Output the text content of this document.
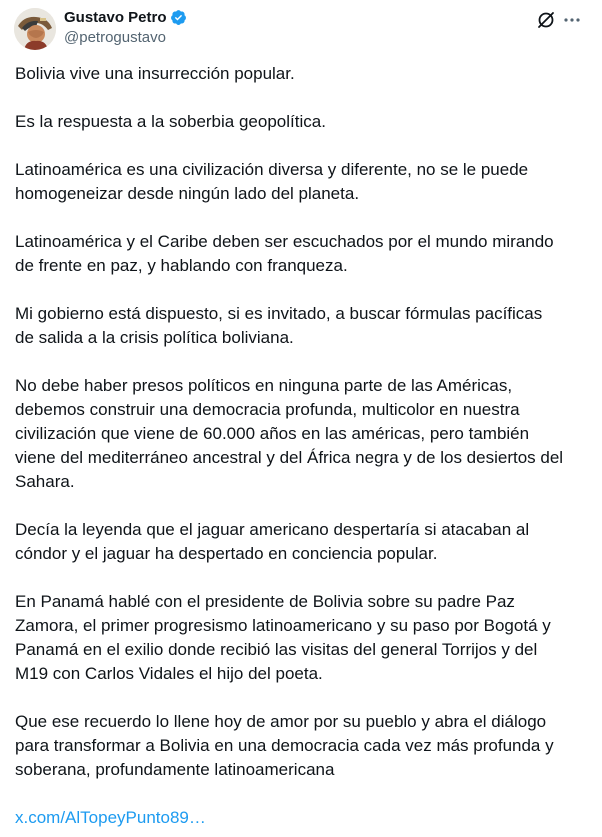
Gustavo Petro
@petrogustavo

Bolivia vive una insurrección popular.

Es la respuesta a la soberbia geopolítica.

Latinoamérica es una civilización diversa y diferente, no se le puede
homogeneizar desde ningún lado del planeta.

Latinoamérica y el Caribe deben ser escuchados por el mundo mirando
de frente en paz, y hablando con franqueza.

Mi gobierno está dispuesto, si es invitado, a buscar fórmulas pacíficas
de salida a la crisis política boliviana.

No debe haber presos políticos en ninguna parte de las Américas,
debemos construir una democracia profunda, multicolor en nuestra
civilización que viene de 60.000 años en las américas, pero también
viene del mediterráneo ancestral y del África negra y de los desiertos del
Sahara.

Decía la leyenda que el jaguar americano despertaría si atacaban al
cóndor y el jaguar ha despertado en conciencia popular.

En Panamá hablé con el presidente de Bolivia sobre su padre Paz
Zamora, el primer progresismo latinoamericano y su paso por Bogotá y
Panamá en el exilio donde recibió las visitas del general Torrijos y del
M19 con Carlos Vidales el hijo del poeta.

Que ese recuerdo lo llene hoy de amor por su pueblo y abra el diálogo
para transformar a Bolivia en una democracia cada vez más profunda y
soberana, profundamente latinoamericana

x.com/AlTopeyPunto89…
